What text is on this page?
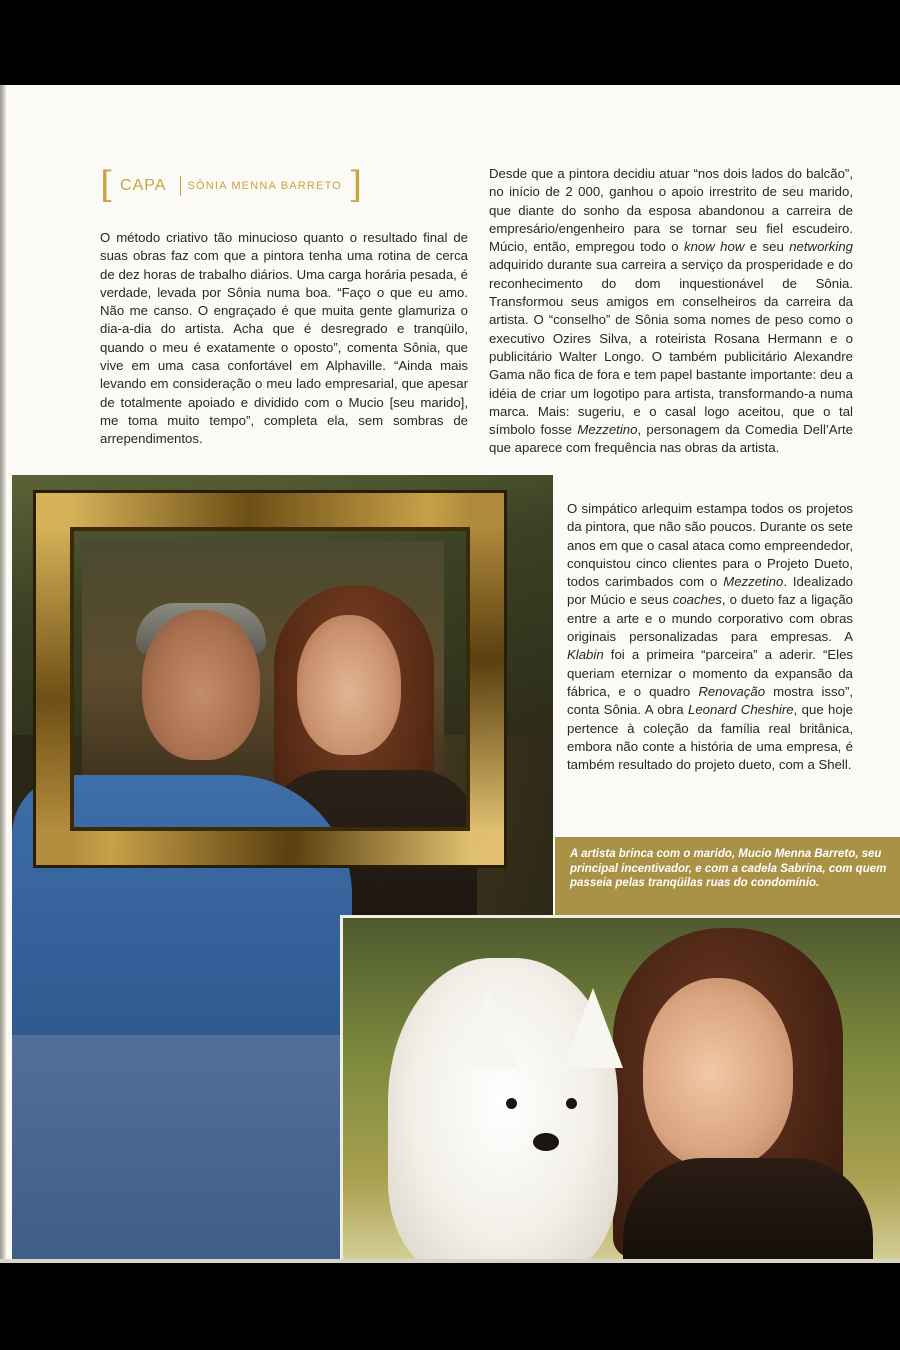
[ CAPA SÔNIA MENNA BARRETO ]

O método criativo tão minucioso quanto o resultado final de suas obras faz com que a pintora tenha uma rotina de cerca de dez horas de trabalho diários. Uma carga horária pesada, é verdade, levada por Sônia numa boa. “Faço o que eu amo. Não me canso. O engraçado é que muita gente glamuriza o dia-a-dia do artista. Acha que é desregrado e tranqüilo, quando o meu é exatamente o oposto”, comenta Sônia, que vive em uma casa confortável em Alphaville. “Ainda mais levando em consideração o meu lado empresarial, que apesar de totalmente apoiado e dividido com o Mucio [seu marido], me toma muito tempo”, completa ela, sem sombras de arrependimentos.

Desde que a pintora decidiu atuar “nos dois lados do balcão”, no início de 2 000, ganhou o apoio irrestrito de seu marido, que diante do sonho da esposa abandonou a carreira de empresário/engenheiro para se tornar seu fiel escudeiro. Múcio, então, empregou todo o know how e seu networking adquirido durante sua carreira a serviço da prosperidade e do reconhecimento do dom inquestionável de Sônia. Transformou seus amigos em conselheiros da carreira da artista. O “conselho” de Sônia soma nomes de peso como o executivo Ozires Silva, a roteirista Rosana Hermann e o publicitário Walter Longo. O também publicitário Alexandre Gama não fica de fora e tem papel bastante importante: deu a idéia de criar um logotipo para artista, transformando-a numa marca. Mais: sugeriu, e o casal logo aceitou, que o tal símbolo fosse Mezzetino, personagem da Comedia Dell’Arte que aparece com frequência nas obras da artista.

O simpático arlequim estampa todos os projetos da pintora, que não são poucos. Durante os sete anos em que o casal ataca como empreendedor, conquistou cinco clientes para o Projeto Dueto, todos carimbados com o Mezzetino. Idealizado por Múcio e seus coaches, o dueto faz a ligação entre a arte e o mundo corporativo com obras originais personalizadas para empresas. A Klabin foi a primeira “parceira” a aderir. “Eles queriam eternizar o momento da expansão da fábrica, e o quadro Renovação mostra isso”, conta Sônia. A obra Leonard Cheshire, que hoje pertence à coleção da família real britânica, embora não conte a história de uma empresa, é também resultado do projeto dueto, com a Shell.

A artista brinca com o marido, Mucio Menna Barreto, seu principal incentivador, e com a cadela Sabrina, com quem passeia pelas tranqüilas ruas do condomínio.
